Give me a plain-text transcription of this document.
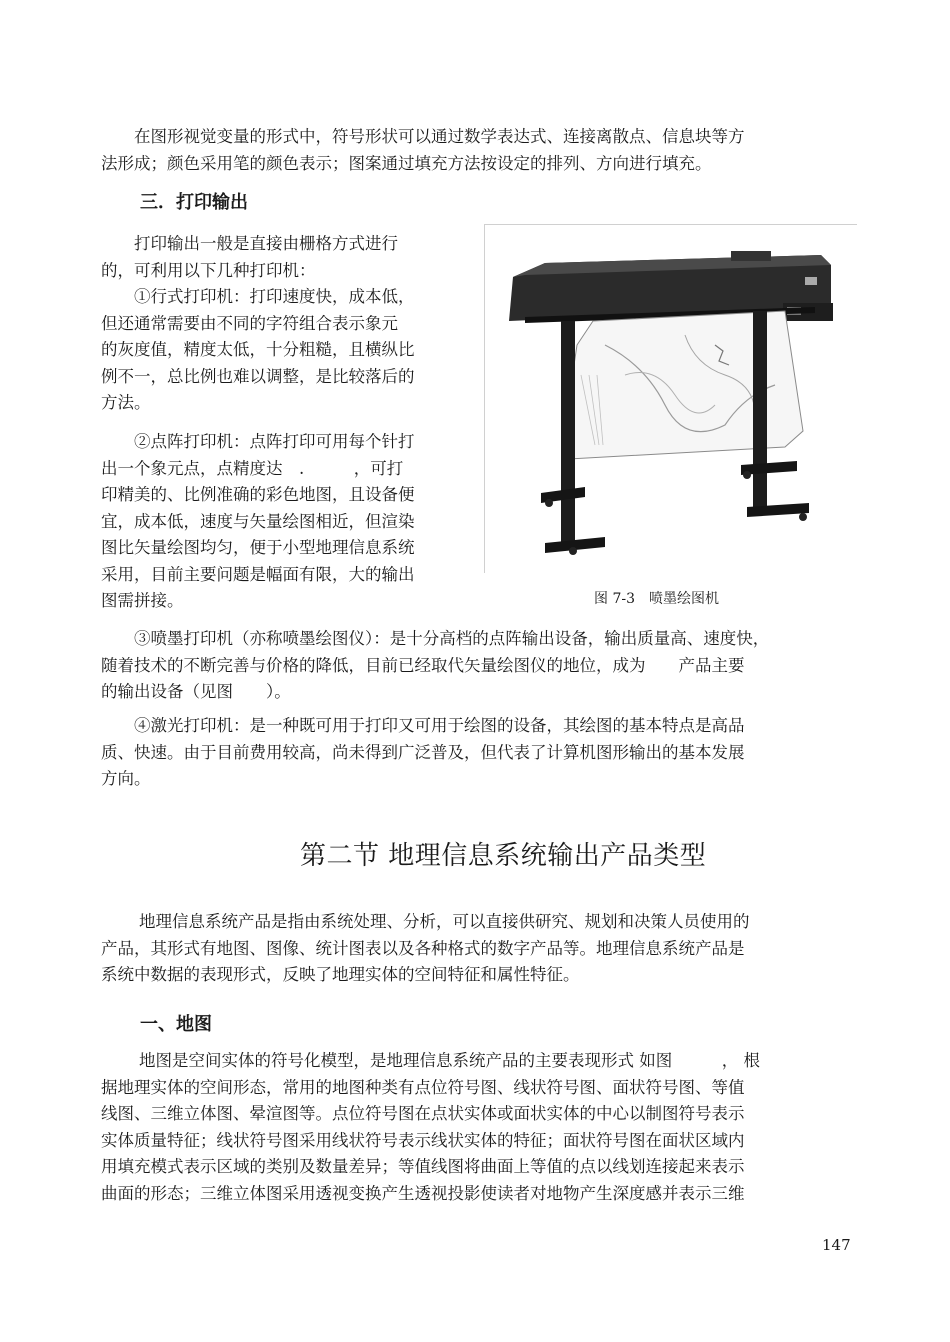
在图形视觉变量的形式中，符号形状可以通过数学表达式、连接离散点、信息块等方
法形成；颜色采用笔的颜色表示；图案通过填充方法按设定的排列、方向进行填充。

三．打印输出

打印输出一般是直接由栅格方式进行
的，可利用以下几种打印机：

①行式打印机：打印速度快，成本低，
但还通常需要由不同的字符组合表示象元
的灰度值，精度太低，十分粗糙，且横纵比
例不一，总比例也难以调整，是比较落后的
方法。

②点阵打印机：点阵打印可用每个针打
出一个象元点，点精度达　.　　　，可打
印精美的、比例准确的彩色地图，且设备便
宜，成本低，速度与矢量绘图相近，但渲染
图比矢量绘图均匀，便于小型地理信息系统
采用，目前主要问题是幅面有限，大的输出
图需拼接。	图 7-3　喷墨绘图机

③喷墨打印机（亦称喷墨绘图仪）：是十分高档的点阵输出设备，输出质量高、速度快，
随着技术的不断完善与价格的降低，目前已经取代矢量绘图仪的地位，成为　　产品主要
的输出设备（见图　　）。

④激光打印机：是一种既可用于打印又可用于绘图的设备，其绘图的基本特点是高品
质、快速。由于目前费用较高，尚未得到广泛普及，但代表了计算机图形输出的基本发展
方向。

第二节 地理信息系统输出产品类型

地理信息系统产品是指由系统处理、分析，可以直接供研究、规划和决策人员使用的
产品，其形式有地图、图像、统计图表以及各种格式的数字产品等。地理信息系统产品是
系统中数据的表现形式，反映了地理实体的空间特征和属性特征。

一、地图

地图是空间实体的符号化模型，是地理信息系统产品的主要表现形式 如图　　　， 根
据地理实体的空间形态，常用的地图种类有点位符号图、线状符号图、面状符号图、等值
线图、三维立体图、晕渲图等。点位符号图在点状实体或面状实体的中心以制图符号表示
实体质量特征；线状符号图采用线状符号表示线状实体的特征；面状符号图在面状区域内
用填充模式表示区域的类别及数量差异；等值线图将曲面上等值的点以线划连接起来表示
曲面的形态；三维立体图采用透视变换产生透视投影使读者对地物产生深度感并表示三维

147
